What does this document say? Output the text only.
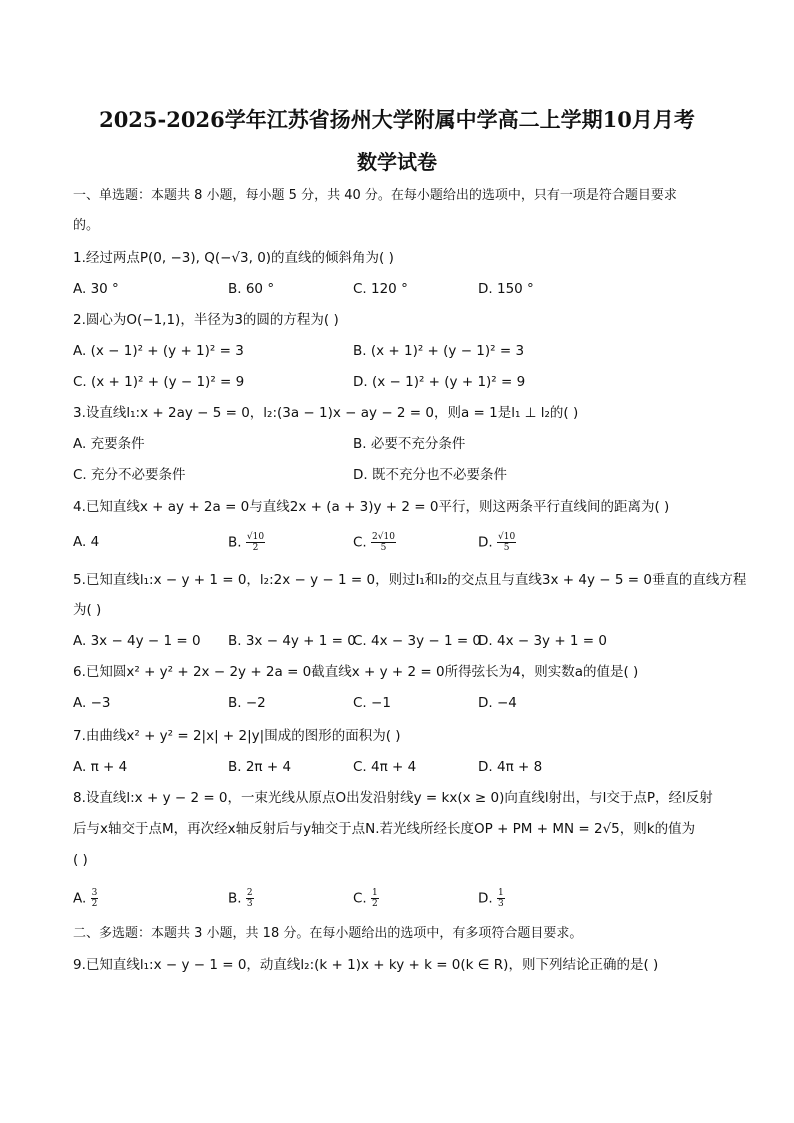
2025-2026学年江苏省扬州大学附属中学高二上学期10月月考
数学试卷
一、单选题：本题共 8 小题，每小题 5 分，共 40 分。在每小题给出的选项中，只有一项是符合题目要求
的。
1.经过两点P(0, −3), Q(−√3, 0)的直线的倾斜角为( )
A. 30 °	B. 60 °	C. 120 °	D. 150 °
2.圆心为O(−1,1)，半径为3的圆的方程为( )
A. (x − 1)² + (y + 1)² = 3	B. (x + 1)² + (y − 1)² = 3
C. (x + 1)² + (y − 1)² = 9	D. (x − 1)² + (y + 1)² = 9
3.设直线l₁:x + 2ay − 5 = 0，l₂:(3a − 1)x − ay − 2 = 0，则a = 1是l₁ ⊥ l₂的( )
A. 充要条件	B. 必要不充分条件
C. 充分不必要条件	D. 既不充分也不必要条件
4.已知直线x + ay + 2a = 0与直线2x + (a + 3)y + 2 = 0平行，则这两条平行直线间的距离为( )
A. 4	B. $\frac{√10}{2}$	C. $\frac{2√10}{5}$	D. $\frac{√10}{5}$
5.已知直线l₁:x − y + 1 = 0，l₂:2x − y − 1 = 0，则过l₁和l₂的交点且与直线3x + 4y − 5 = 0垂直的直线方程
为( )
A. 3x − 4y − 1 = 0 B. 3x − 4y + 1 = 0
C. 4x − 3y − 1 = 0
D. 4x − 3y + 1 = 0
6.已知圆x² + y² + 2x − 2y + 2a = 0截直线x + y + 2 = 0所得弦长为4，则实数a的值是( )
A. −3	B. −2	C. −1	D. −4
7.由曲线x² + y² = 2|x| + 2|y|围成的图形的面积为( )
A. π + 4	B. 2π + 4	C. 4π + 4	D. 4π + 8
8.设直线l:x + y − 2 = 0，一束光线从原点O出发沿射线y = kx(x ≥ 0)向直线l射出，与l交于点P，经l反射
后与x轴交于点M，再次经x轴反射后与y轴交于点N.若光线所经长度OP + PM + MN = 2√5，则k的值为
( )
A. $\frac{3}{2}$	B. $\frac{2}{3}$	C. $\frac{1}{2}$	D. $\frac{1}{3}$
二、多选题：本题共 3 小题，共 18 分。在每小题给出的选项中，有多项符合题目要求。
9.已知直线l₁:x − y − 1 = 0，动直线l₂:(k + 1)x + ky + k = 0(k ∈ R)，则下列结论正确的是( )
